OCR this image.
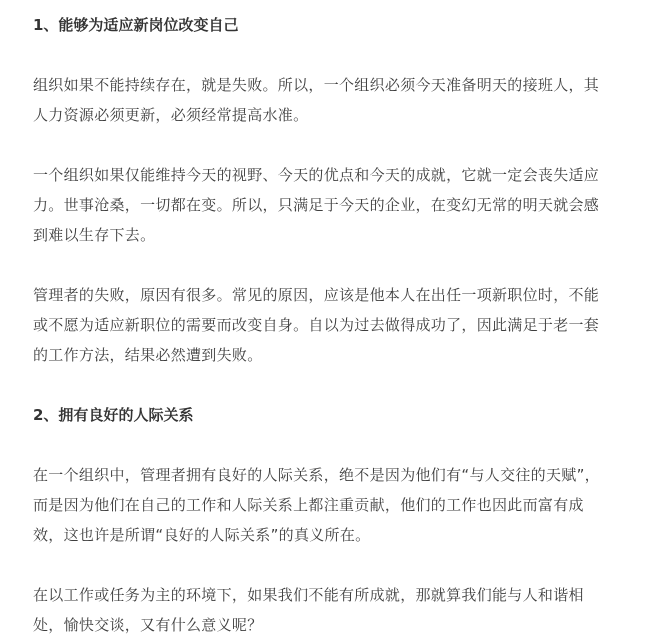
1、能够为适应新岗位改变自己
组织如果不能持续存在，就是失败。所以，一个组织必须今天准备明天的接班人，其
人力资源必须更新，必须经常提高水准。
一个组织如果仅能维持今天的视野、今天的优点和今天的成就，它就一定会丧失适应
力。世事沧桑，一切都在变。所以，只满足于今天的企业，在变幻无常的明天就会感
到难以生存下去。
管理者的失败，原因有很多。常见的原因，应该是他本人在出任一项新职位时，不能
或不愿为适应新职位的需要而改变自身。自以为过去做得成功了，因此满足于老一套
的工作方法，结果必然遭到失败。
2、拥有良好的人际关系
在一个组织中，管理者拥有良好的人际关系，绝不是因为他们有“与人交往的天赋”，
而是因为他们在自己的工作和人际关系上都注重贡献，他们的工作也因此而富有成
效，这也许是所谓“良好的人际关系”的真义所在。
在以工作或任务为主的环境下，如果我们不能有所成就，那就算我们能与人和谐相
处，愉快交谈，又有什么意义呢？
